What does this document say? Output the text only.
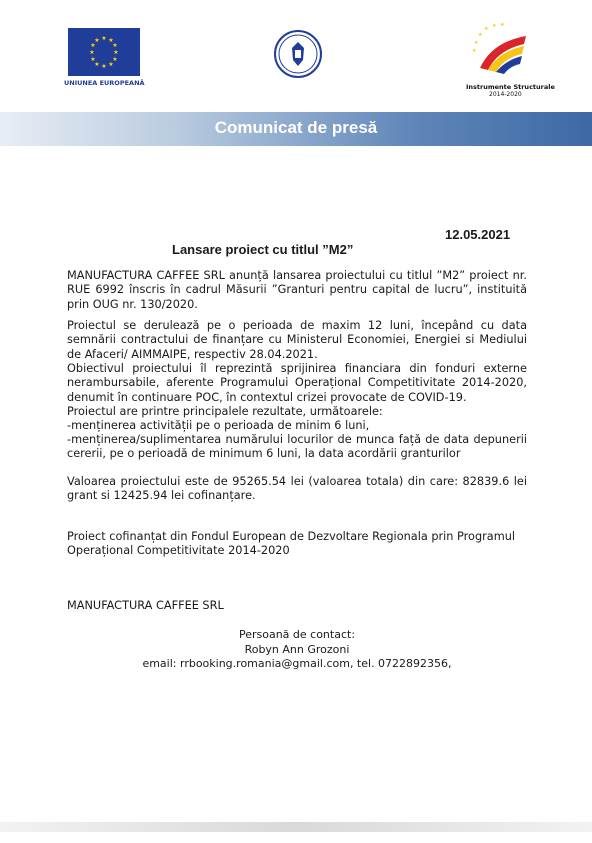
★ ★
★
★
★
★
★
★
★
★
★
★
UNIUNEA EUROPEANĂ
★
★ ★ ★
★
★
Instrumente Structurale
2014-2020
Comunicat de presă
12.05.2021
Lansare proiect cu titlul ”M2”
MANUFACTURA CAFFEE SRL anunță lansarea proiectului cu titlul ”M2” proiect nr. RUE 6992 înscris în cadrul Măsurii ”Granturi pentru capital de lucru”, instituită prin OUG nr. 130/2020.
Proiectul se derulează pe o perioada de maxim 12 luni, începând cu data semnării contractului de finanțare cu Ministerul Economiei, Energiei si Mediului de Afaceri/ AIMMAIPE, respectiv 28.04.2021.
Obiectivul proiectului îl reprezintă sprijinirea financiara din fonduri externe nerambursabile, aferente Programului Operațional Competitivitate 2014-2020, denumit în continuare POC, în contextul crizei provocate de COVID-19.
Proiectul are printre principalele rezultate, următoarele:
-menținerea activității pe o perioada de minim 6 luni,
-menținerea/suplimentarea numărului locurilor de munca față de data depunerii cererii, pe o perioadă de minimum 6 luni, la data acordării granturilor
Valoarea proiectului este de 95265.54 lei (valoarea totala) din care: 82839.6 lei grant si 12425.94 lei cofinanțare.
Proiect cofinanțat din Fondul European de Dezvoltare Regionala prin Programul Operațional Competitivitate 2014-2020
MANUFACTURA CAFFEE SRL
Persoană de contact:
Robyn Ann Grozoni
email: rrbooking.romania@gmail.com, tel. 0722892356,
